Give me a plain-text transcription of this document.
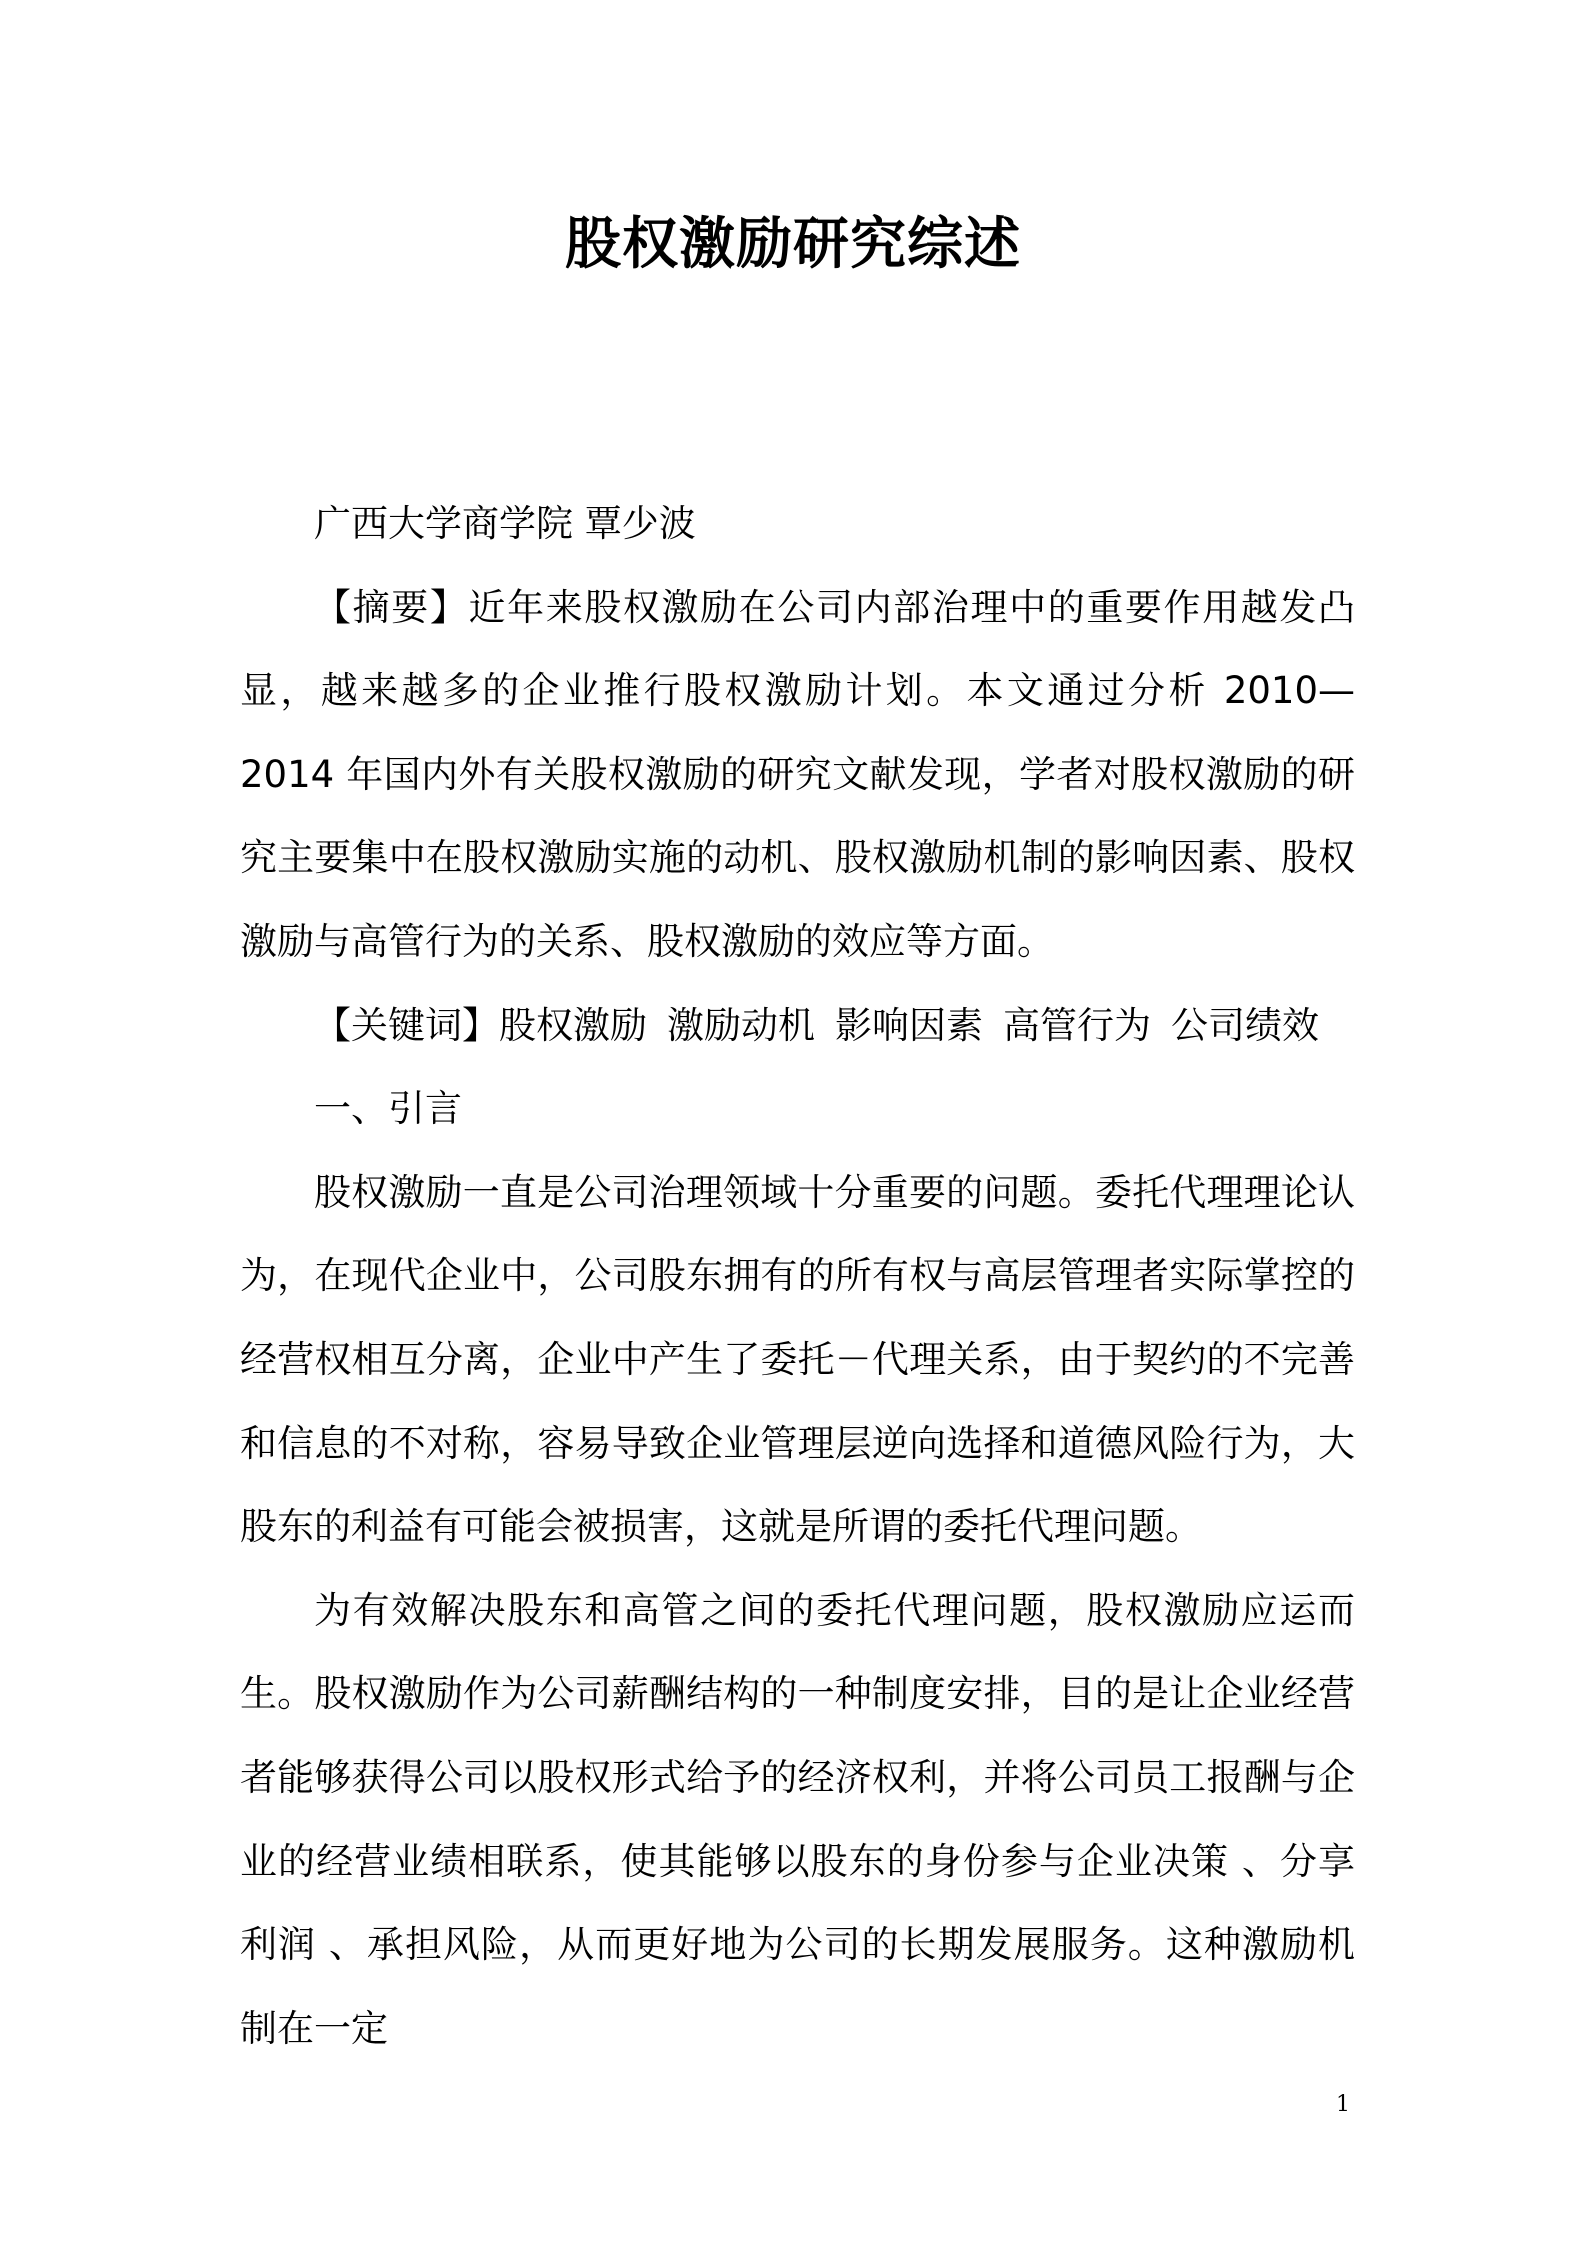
股权激励研究综述

广西大学商学院 覃少波

【摘要】近年来股权激励在公司内部治理中的重要作用越发凸显，越来越多的企业推行股权激励计划。本文通过分析 2010—2014 年国内外有关股权激励的研究文献发现，学者对股权激励的研究主要集中在股权激励实施的动机、股权激励机制的影响因素、股权激励与高管行为的关系、股权激励的效应等方面。

【关键词】股权激励 激励动机 影响因素 高管行为 公司绩效

一、引言

股权激励一直是公司治理领域十分重要的问题。委托代理理论认为，在现代企业中，公司股东拥有的所有权与高层管理者实际掌控的经营权相互分离，企业中产生了委托－代理关系，由于契约的不完善和信息的不对称，容易导致企业管理层逆向选择和道德风险行为，大股东的利益有可能会被损害，这就是所谓的委托代理问题。

为有效解决股东和高管之间的委托代理问题，股权激励应运而生。股权激励作为公司薪酬结构的一种制度安排，目的是让企业经营者能够获得公司以股权形式给予的经济权利，并将公司员工报酬与企业的经营业绩相联系，使其能够以股东的身份参与企业决策 、分享利润 、承担风险，从而更好地为公司的长期发展服务。这种激励机制在一定

1
